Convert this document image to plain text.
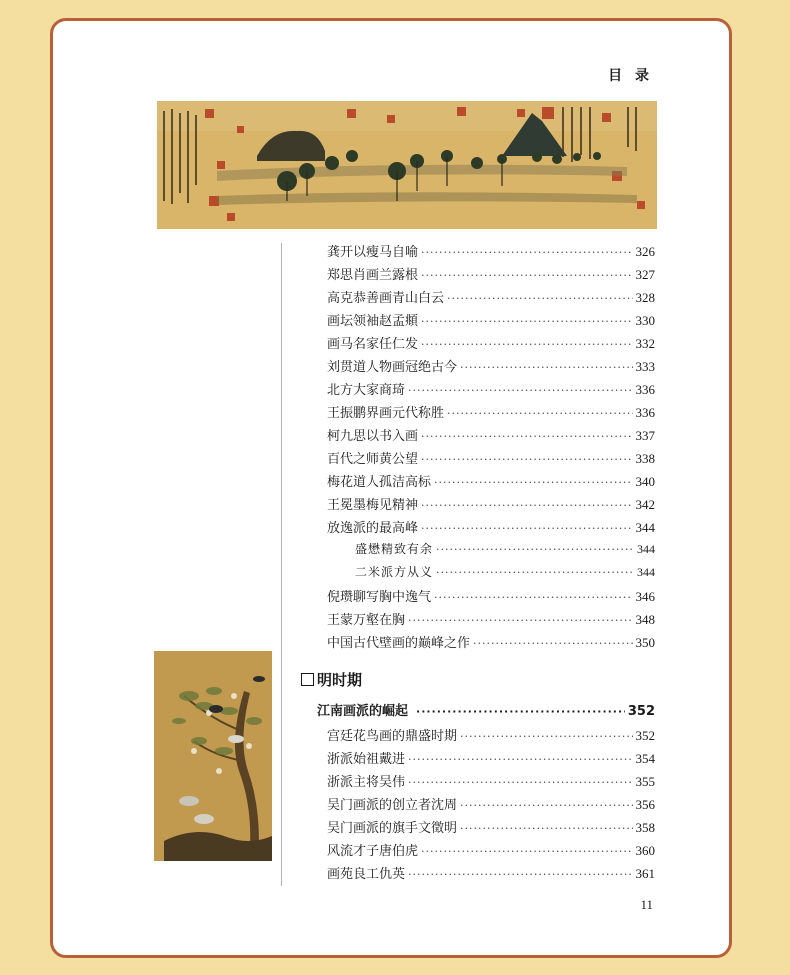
目 录
龚开以瘦马自喻 ·····	326
郑思肖画兰露根 ·····	327
高克恭善画青山白云 ·····	328
画坛领袖赵孟頫 ·····	330
画马名家任仁发 ·····	332
刘贯道人物画冠绝古今 ·····	333
北方大家商琦 ·····	336
王振鹏界画元代称胜 ·····	336
柯九思以书入画 ·····	337
百代之师黄公望 ·····	338
梅花道人孤洁高标 ·····	340
王冕墨梅见精神 ·····	342
放逸派的最高峰 ·····	344
盛懋精致有余 ·····	344
二米派方从义 ·····	344
倪瓒聊写胸中逸气 ·····	346
王蒙万壑在胸 ·····	348
中国古代壁画的巅峰之作 ·····	350
明时期
江南画派的崛起 ·····	352
宫廷花鸟画的鼎盛时期 ·····	352
浙派始祖戴进 ·····	354
浙派主将吴伟 ·····	355
吴门画派的创立者沈周 ·····	356
吴门画派的旗手文徵明 ·····	358
风流才子唐伯虎 ·····	360
画苑良工仇英 ·····	361
11
